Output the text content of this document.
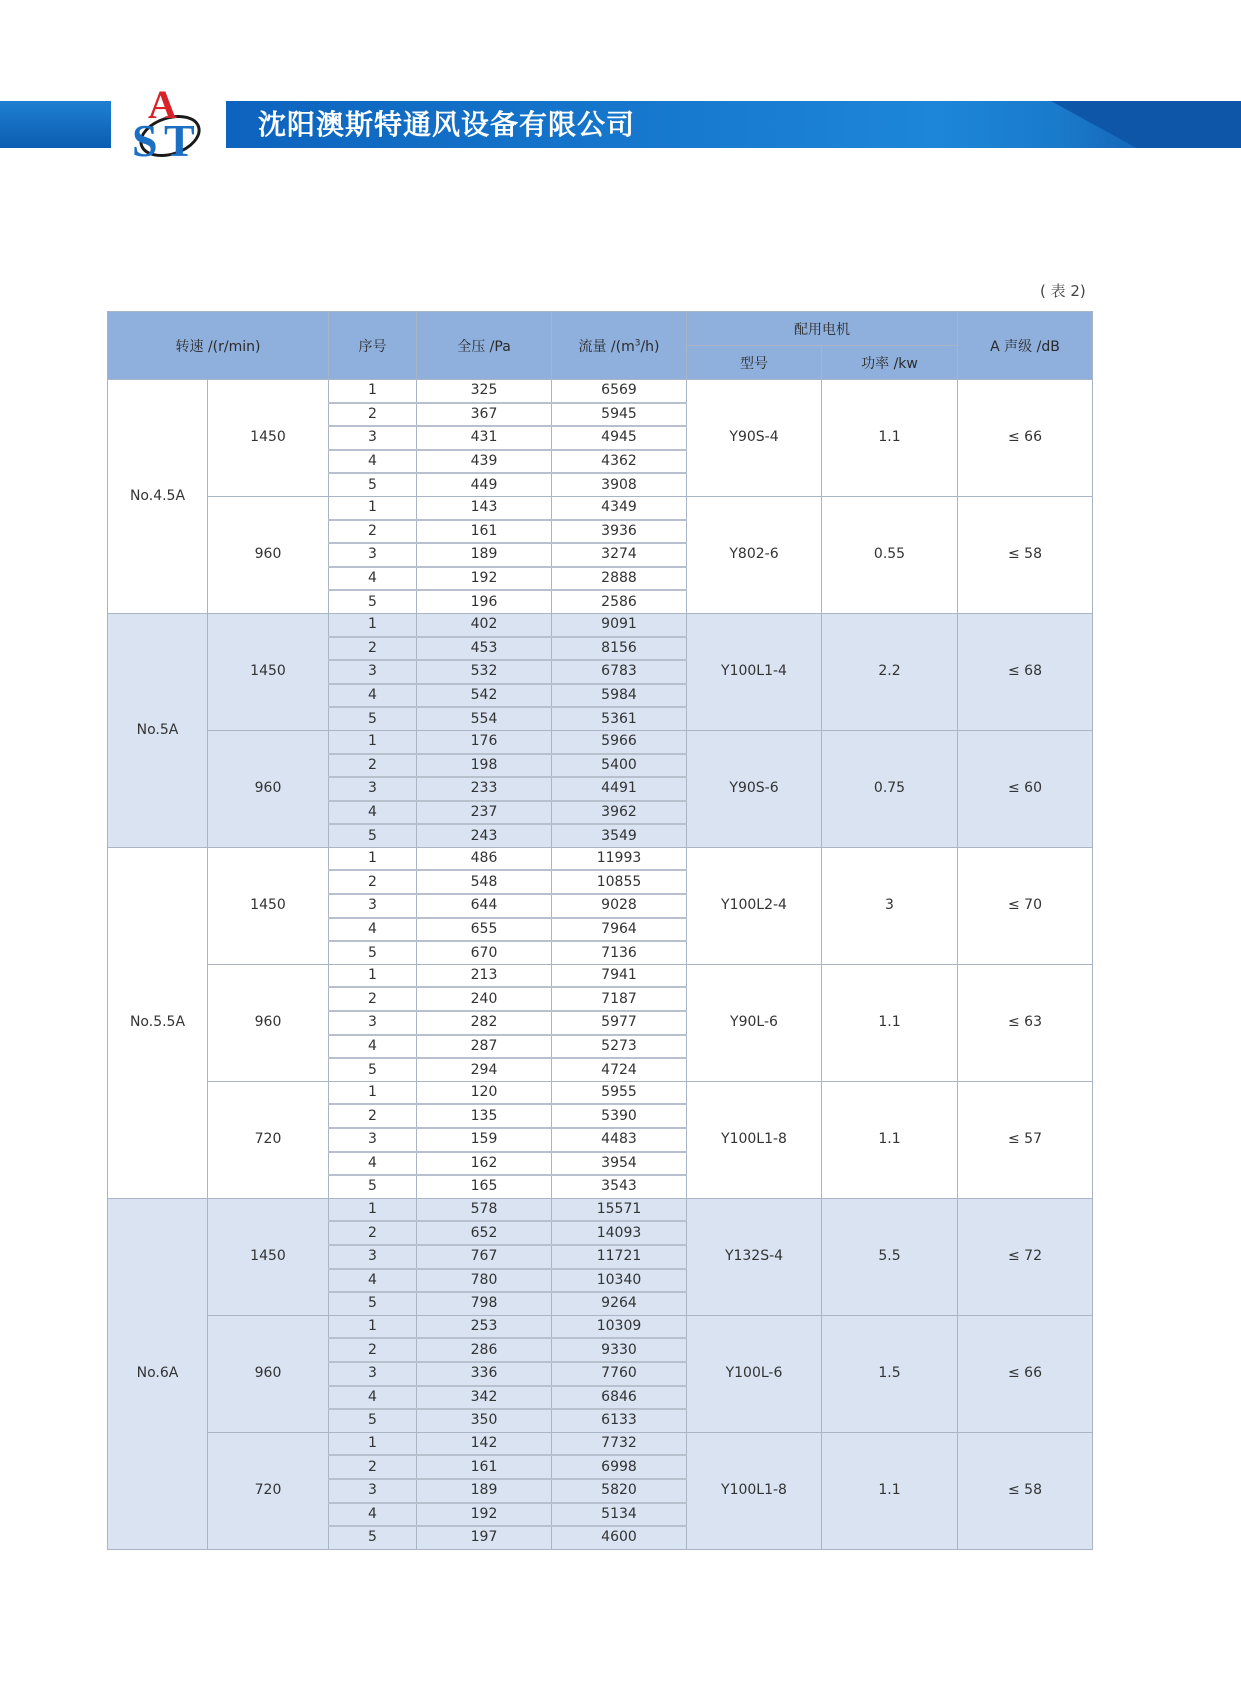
A
S T 沈阳澳斯特通风设备有限公司
( 表 2)
转速 /(r/min)		序号	全压 /Pa	流量 $/(m^3/h)$	配用电机		A 声级 /dB
					型号	功率 /kw	
No.4.5A	1450	1	325	6569	Y90S-4	1.1	≤ 66
		2	367	5945			
		3	431	4945			
		4	439	4362			
		5	449	3908			
	960	1	143	4349	Y802-6	0.55	≤ 58
		2	161	3936			
		3	189	3274			
		4	192	2888			
		5	196	2586			
No.5A	1450	1	402	9091	Y100L1-4	2.2	≤ 68
		2	453	8156			
		3	532	6783			
		4	542	5984			
		5	554	5361			
	960	1	176	5966	Y90S-6	0.75	≤ 60
		2	198	5400			
		3	233	4491			
		4	237	3962			
		5	243	3549			
No.5.5A	1450	1	486	11993	Y100L2-4	3	≤ 70
		2	548	10855			
		3	644	9028			
		4	655	7964			
		5	670	7136			
	960	1	213	7941	Y90L-6	1.1	≤ 63
		2	240	7187			
		3	282	5977			
		4	287	5273			
		5	294	4724			
	720	1	120	5955	Y100L1-8	1.1	≤ 57
		2	135	5390			
		3	159	4483			
		4	162	3954			
		5	165	3543			
No.6A	1450	1	578	15571	Y132S-4	5.5	≤ 72
		2	652	14093			
		3	767	11721			
		4	780	10340			
		5	798	9264			
	960	1	253	10309	Y100L-6	1.5	≤ 66
		2	286	9330			
		3	336	7760			
		4	342	6846			
		5	350	6133			
	720	1	142	7732	Y100L1-8	1.1	≤ 58
		2	161	6998			
		3	189	5820			
		4	192	5134			
		5	197	4600			
